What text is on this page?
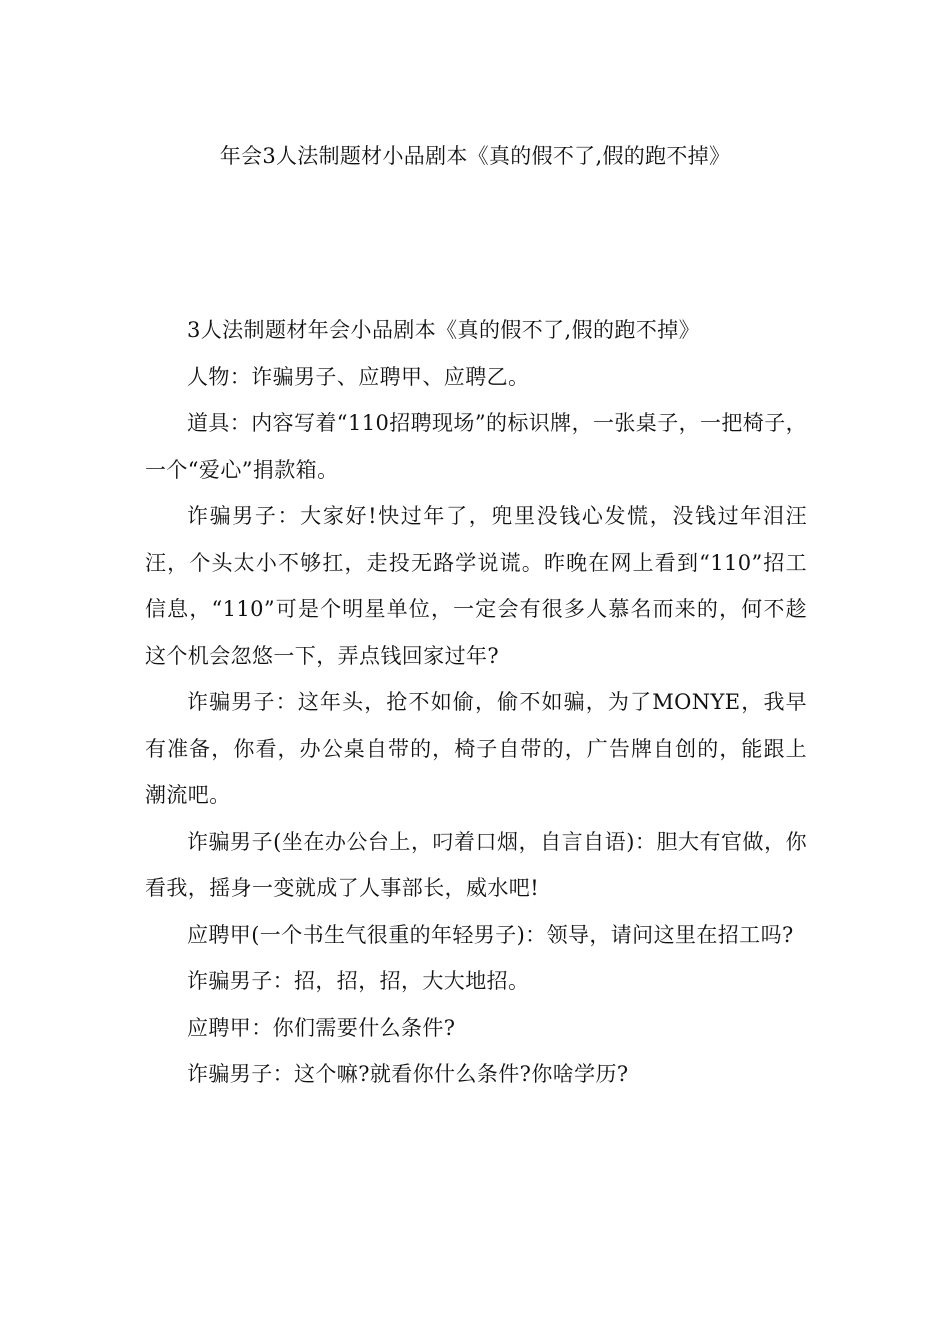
年会3人法制题材小品剧本《真的假不了,假的跑不掉》

3人法制题材年会小品剧本《真的假不了,假的跑不掉》

人物：诈骗男子、应聘甲、应聘乙。

道具：内容写着“110招聘现场”的标识牌，一张桌子，一把椅子，一个“爱心”捐款箱。

诈骗男子：大家好!快过年了，兜里没钱心发慌，没钱过年泪汪汪，个头太小不够扛，走投无路学说谎。昨晚在网上看到“110”招工信息，“110”可是个明星单位，一定会有很多人慕名而来的，何不趁这个机会忽悠一下，弄点钱回家过年?

诈骗男子：这年头，抢不如偷，偷不如骗，为了MONYE，我早有准备，你看，办公桌自带的，椅子自带的，广告牌自创的，能跟上潮流吧。

诈骗男子(坐在办公台上，叼着口烟，自言自语)：胆大有官做，你看我，摇身一变就成了人事部长，威水吧!

应聘甲(一个书生气很重的年轻男子)：领导，请问这里在招工吗?

诈骗男子：招，招，招，大大地招。

应聘甲：你们需要什么条件?

诈骗男子：这个嘛?就看你什么条件?你啥学历?
